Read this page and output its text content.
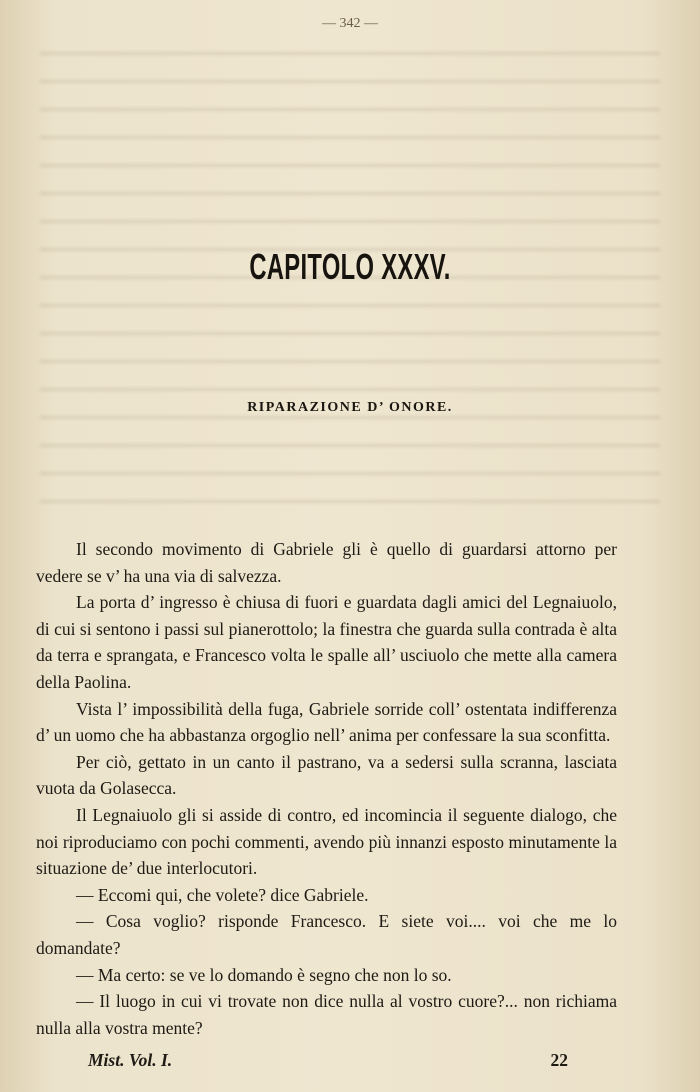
— 342 —
CAPITOLO XXXV.
RIPARAZIONE D’ ONORE.

Il secondo movimento di Gabriele gli è quello di guardarsi attorno per vedere se v’ ha una via di salvezza.

La porta d’ ingresso è chiusa di fuori e guardata dagli amici del Legnaiuolo, di cui si sentono i passi sul pianerottolo; la finestra che guarda sulla contrada è alta da terra e sprangata, e Francesco volta le spalle all’ usciuolo che mette alla camera della Paolina.

Vista l’ impossibilità della fuga, Gabriele sorride coll’ ostentata indifferenza d’ un uomo che ha abbastanza orgoglio nell’ anima per confessare la sua sconfitta.

Per ciò, gettato in un canto il pastrano, va a sedersi sulla scranna, lasciata vuota da Golasecca.

Il Legnaiuolo gli si asside di contro, ed incomincia il seguente dialogo, che noi riproduciamo con pochi commenti, avendo più innanzi esposto minutamente la situazione de’ due interlocutori.

— Eccomi qui, che volete? dice Gabriele.

— Cosa voglio? risponde Francesco. E siete voi.... voi che me lo domandate?

— Ma certo: se ve lo domando è segno che non lo so.

— Il luogo in cui vi trovate non dice nulla al vostro cuore?... non richiama nulla alla vostra mente?

Mist. Vol. I.	22
